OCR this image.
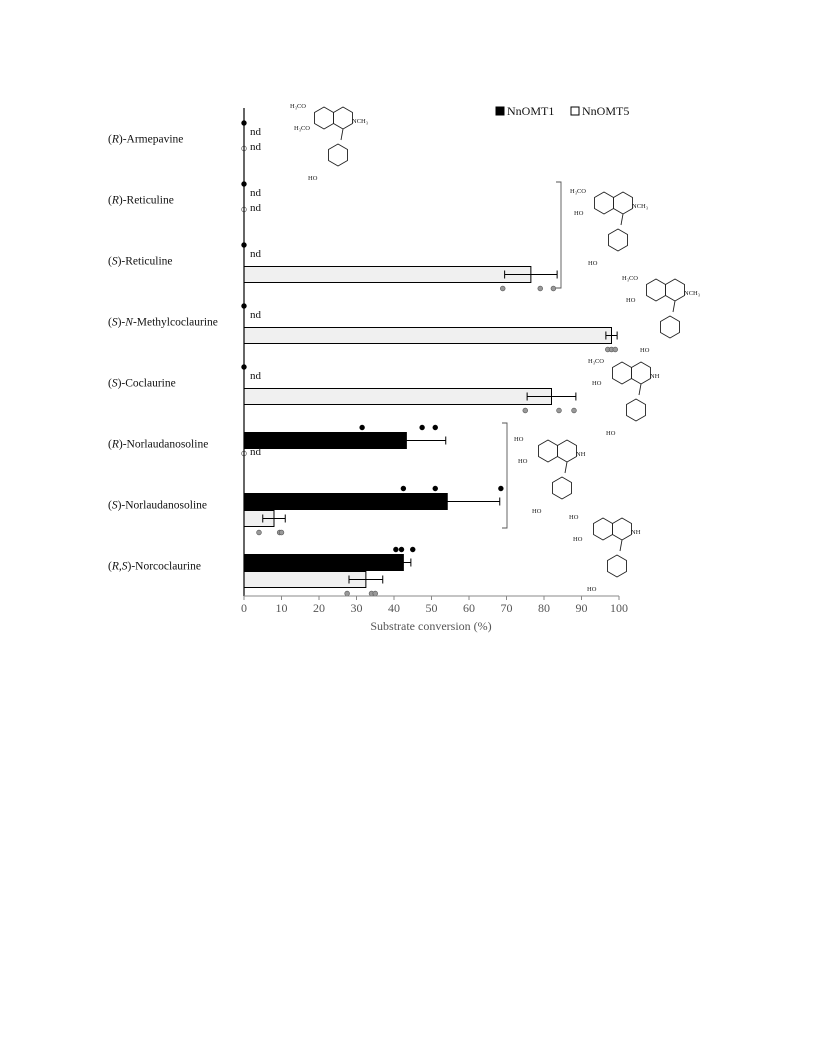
nd
nd
nd
nd
nd
nd
nd
nd
0 10 20 30 40 50 60 70 80 90 100
(R)-Armepavine
(R)-Reticuline
(S)-Reticuline
(S)-N-Methylcoclaurine
(S)-Coclaurine
(R)-Norlaudanosoline
(S)-Norlaudanosoline
(R,S)-Norcoclaurine
NnOMT1 NnOMT5
Substrate conversion (%)
H₃CO
H₃CO
NCH₃
HO
H₃CO
HO
NCH₃
HO
H₃CO
HO
NCH₃
HO
H₃CO
HO
NH
HO
HO
HO
NH
HO
HO
HO
NH
HO
